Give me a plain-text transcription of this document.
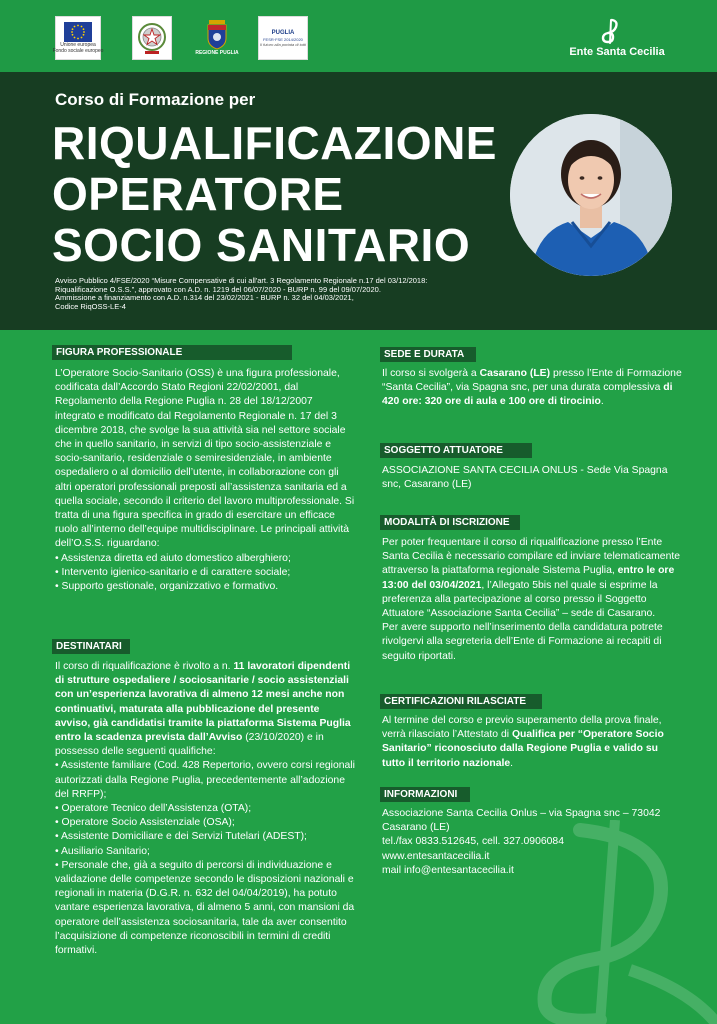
Unione europea
Fondo sociale europeo	REGIONE PUGLIA
PUGLIA
FESR·FSE 2014/2020
Il futuro alla portata di tutti
Ente Santa Cecilia
Corso di Formazione per
RIQUALIFICAZIONE
OPERATORE
SOCIO SANITARIO
Avviso Pubblico 4/FSE/2020 “Misure Compensative di cui all'art. 3 Regolamento Regionale n.17 del 03/12/2018:
Riqualificazione O.S.S.”, approvato con A.D. n. 1219 del 06/07/2020 - BURP n. 99 del 09/07/2020.
Ammissione a finanziamento con A.D. n.314 del 23/02/2021 - BURP n. 32 del 04/03/2021,
Codice RiqOSS-LE-4
FIGURA PROFESSIONALE

L’Operatore Socio-Sanitario (OSS) è una figura professionale, codificata dall’Accordo Stato Regioni 22/02/2001, dal Regolamento della Regione Puglia n. 28 del 18/12/2007 integrato e modificato dal Regolamento Regionale n. 17 del 3 dicembre 2018, che svolge la sua attività sia nel settore sociale che in quello sanitario, in servizi di tipo socio-assistenziale e socio-sanitario, residenziale o semiresidenziale, in ambiente ospedaliero o al domicilio dell’utente, in collaborazione con gli altri operatori professionali preposti all’assistenza sanitaria ed a quella sociale, secondo il criterio del lavoro multiprofessionale. Si tratta di una figura specifica in grado di esercitare un efficace ruolo all’interno dell’equipe multidisciplinare. Le principali attività dell’O.S.S. riguardano:

• Assistenza diretta ed aiuto domestico alberghiero;
• Intervento igienico-sanitario e di carattere sociale;
• Supporto gestionale, organizzativo e formativo.
DESTINATARI

Il corso di riqualificazione è rivolto a n. 11 lavoratori dipendenti di strutture ospedaliere / sociosanitarie / socio assistenziali con un’esperienza lavorativa di almeno 12 mesi anche non continuativi, maturata alla pubblicazione del presente avviso, già candidatisi tramite la piattaforma Sistema Puglia entro la scadenza prevista dall’Avviso (23/10/2020) e in possesso delle seguenti qualifiche:

• Assistente familiare (Cod. 428 Repertorio, ovvero corsi regionali autorizzati dalla Regione Puglia, precedentemente all’adozione del RRFP);
• Operatore Tecnico dell’Assistenza (OTA);
• Operatore Socio Assistenziale (OSA);
• Assistente Domiciliare e dei Servizi Tutelari (ADEST);
• Ausiliario Sanitario;
• Personale che, già a seguito di percorsi di individuazione e validazione delle competenze secondo le disposizioni nazionali e regionali in materia (D.G.R. n. 632 del 04/04/2019), ha potuto vantare esperienza lavorativa, di almeno 5 anni, con mansioni da operatore dell’assistenza sociosanitaria, tale da aver consentito l’acquisizione di competenze riconoscibili in termini di crediti formativi.
SEDE E DURATA

Il corso si svolgerà a Casarano (LE) presso l’Ente di Formazione “Santa Cecilia”, via Spagna snc, per una durata complessiva di 420 ore: 320 ore di aula e 100 ore di tirocinio.

SOGGETTO ATTUATORE

ASSOCIAZIONE SANTA CECILIA ONLUS - Sede Via Spagna snc, Casarano (LE)

MODALITÀ DI ISCRIZIONE

Per poter frequentare il corso di riqualificazione presso l’Ente Santa Cecilia è necessario compilare ed inviare telematicamente attraverso la piattaforma regionale Sistema Puglia, entro le ore 13:00 del 03/04/2021, l’Allegato 5bis nel quale si esprime la preferenza alla partecipazione al corso presso il Soggetto Attuatore “Associazione Santa Cecilia” – sede di Casarano.

Per avere supporto nell’inserimento della candidatura potrete rivolgervi alla segreteria dell’Ente di Formazione ai recapiti di seguito riportati.

CERTIFICAZIONI RILASCIATE

Al termine del corso e previo superamento della prova finale, verrà rilasciato l’Attestato di Qualifica per “Operatore Socio Sanitario” riconosciuto dalla Regione Puglia e valido su tutto il territorio nazionale.

INFORMAZIONI

Associazione Santa Cecilia Onlus – via Spagna snc – 73042

Casarano (LE)

tel./fax 0833.512645, cell. 327.0906084

www.entesantacecilia.it

mail info@entesantacecilia.it
